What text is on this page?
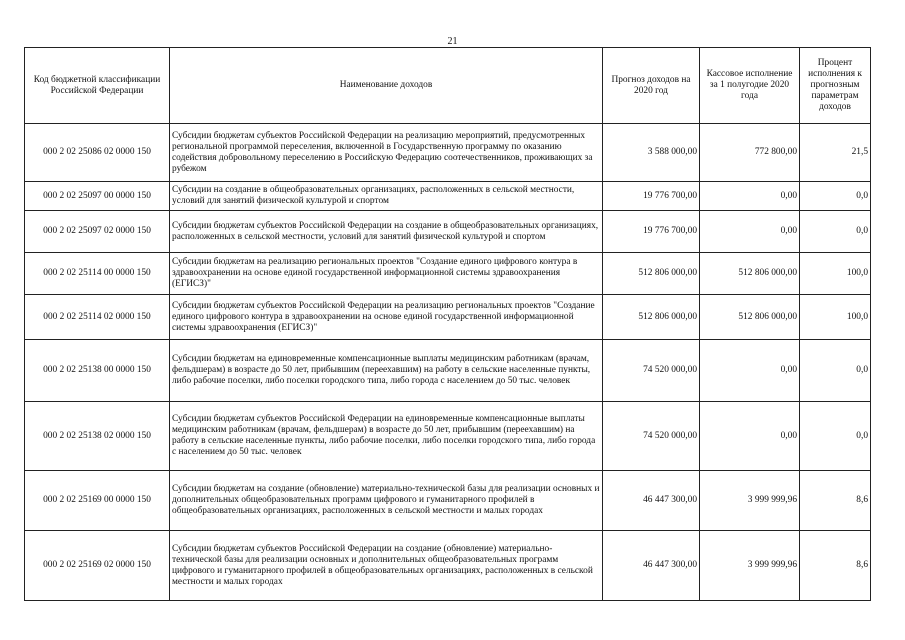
21
Код бюджетной классификации Российской Федерации	Наименование доходов	Прогноз доходов на 2020 год	Кассовое исполнение за 1 полугодие 2020 года	Процент исполнения к прогнозным параметрам доходов
000 2 02 25086 02 0000 150	Субсидии бюджетам субъектов Российской Федерации на реализацию мероприятий, предусмотренных региональной программой переселения, включенной в Государственную программу по оказанию содействия добровольному переселению в Российскую Федерацию соотечественников, проживающих за рубежом	3 588 000,00	772 800,00	21,5
000 2 02 25097 00 0000 150	Субсидии на создание в общеобразовательных организациях, расположенных в сельской местности, условий для занятий физической культурой и спортом	19 776 700,00	0,00	0,0
000 2 02 25097 02 0000 150	Субсидии бюджетам субъектов Российской Федерации на создание в общеобразовательных организациях, расположенных в сельской местности, условий для занятий физической культурой и спортом	19 776 700,00	0,00	0,0
000 2 02 25114 00 0000 150	Субсидии бюджетам на реализацию региональных проектов "Создание единого цифрового контура в здравоохранении на основе единой государственной информационной системы здравоохранения (ЕГИСЗ)"	512 806 000,00	512 806 000,00	100,0
000 2 02 25114 02 0000 150	Субсидии бюджетам субъектов Российской Федерации на реализацию региональных проектов "Создание единого цифрового контура в здравоохранении на основе единой государственной информационной системы здравоохранения (ЕГИСЗ)"	512 806 000,00	512 806 000,00	100,0
000 2 02 25138 00 0000 150	Субсидии бюджетам на единовременные компенсационные выплаты медицинским работникам (врачам, фельдшерам) в возрасте до 50 лет, прибывшим (переехавшим) на работу в сельские населенные пункты, либо рабочие поселки, либо поселки городского типа, либо города с населением до 50 тыс. человек	74 520 000,00	0,00	0,0
000 2 02 25138 02 0000 150	Субсидии бюджетам субъектов Российской Федерации на единовременные компенсационные выплаты медицинским работникам (врачам, фельдшерам) в возрасте до 50 лет, прибывшим (переехавшим) на работу в сельские населенные пункты, либо рабочие поселки, либо поселки городского типа, либо города с населением до 50 тыс. человек	74 520 000,00	0,00	0,0
000 2 02 25169 00 0000 150	Субсидии бюджетам на создание (обновление) материально-технической базы для реализации основных и дополнительных общеобразовательных программ цифрового и гуманитарного профилей в общеобразовательных организациях, расположенных в сельской местности и малых городах	46 447 300,00	3 999 999,96	8,6
000 2 02 25169 02 0000 150	Субсидии бюджетам субъектов Российской Федерации на создание (обновление) материально-технической базы для реализации основных и дополнительных общеобразовательных программ цифрового и гуманитарного профилей в общеобразовательных организациях, расположенных в сельской местности и малых городах	46 447 300,00	3 999 999,96	8,6
